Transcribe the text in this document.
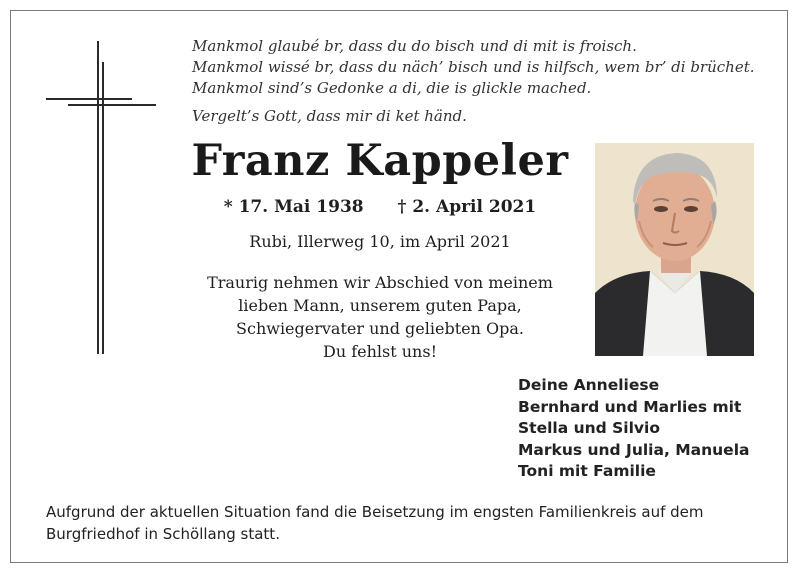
Mankmol glaubé br, dass du do bisch und di mit is froisch.
Mankmol wissé br, dass du näch’ bisch und is hilfsch, wem br’ di brüchet.
Mankmol sind’s Gedonke a di, die is glickle mached.
Vergelt’s Gott, dass mir di ket händ.
Franz Kappeler
* 17. Mai 1938 † 2. April 2021
Rubi, Illerweg 10, im April 2021
Traurig nehmen wir Abschied von meinem
lieben Mann, unserem guten Papa,
Schwiegervater und geliebten Opa.
Du fehlst uns!
Deine Anneliese
Bernhard und Marlies mit
Stella und Silvio
Markus und Julia, Manuela
Toni mit Familie
Aufgrund der aktuellen Situation fand die Beisetzung im engsten Familienkreis auf dem Burgfriedhof in Schöllang statt.
